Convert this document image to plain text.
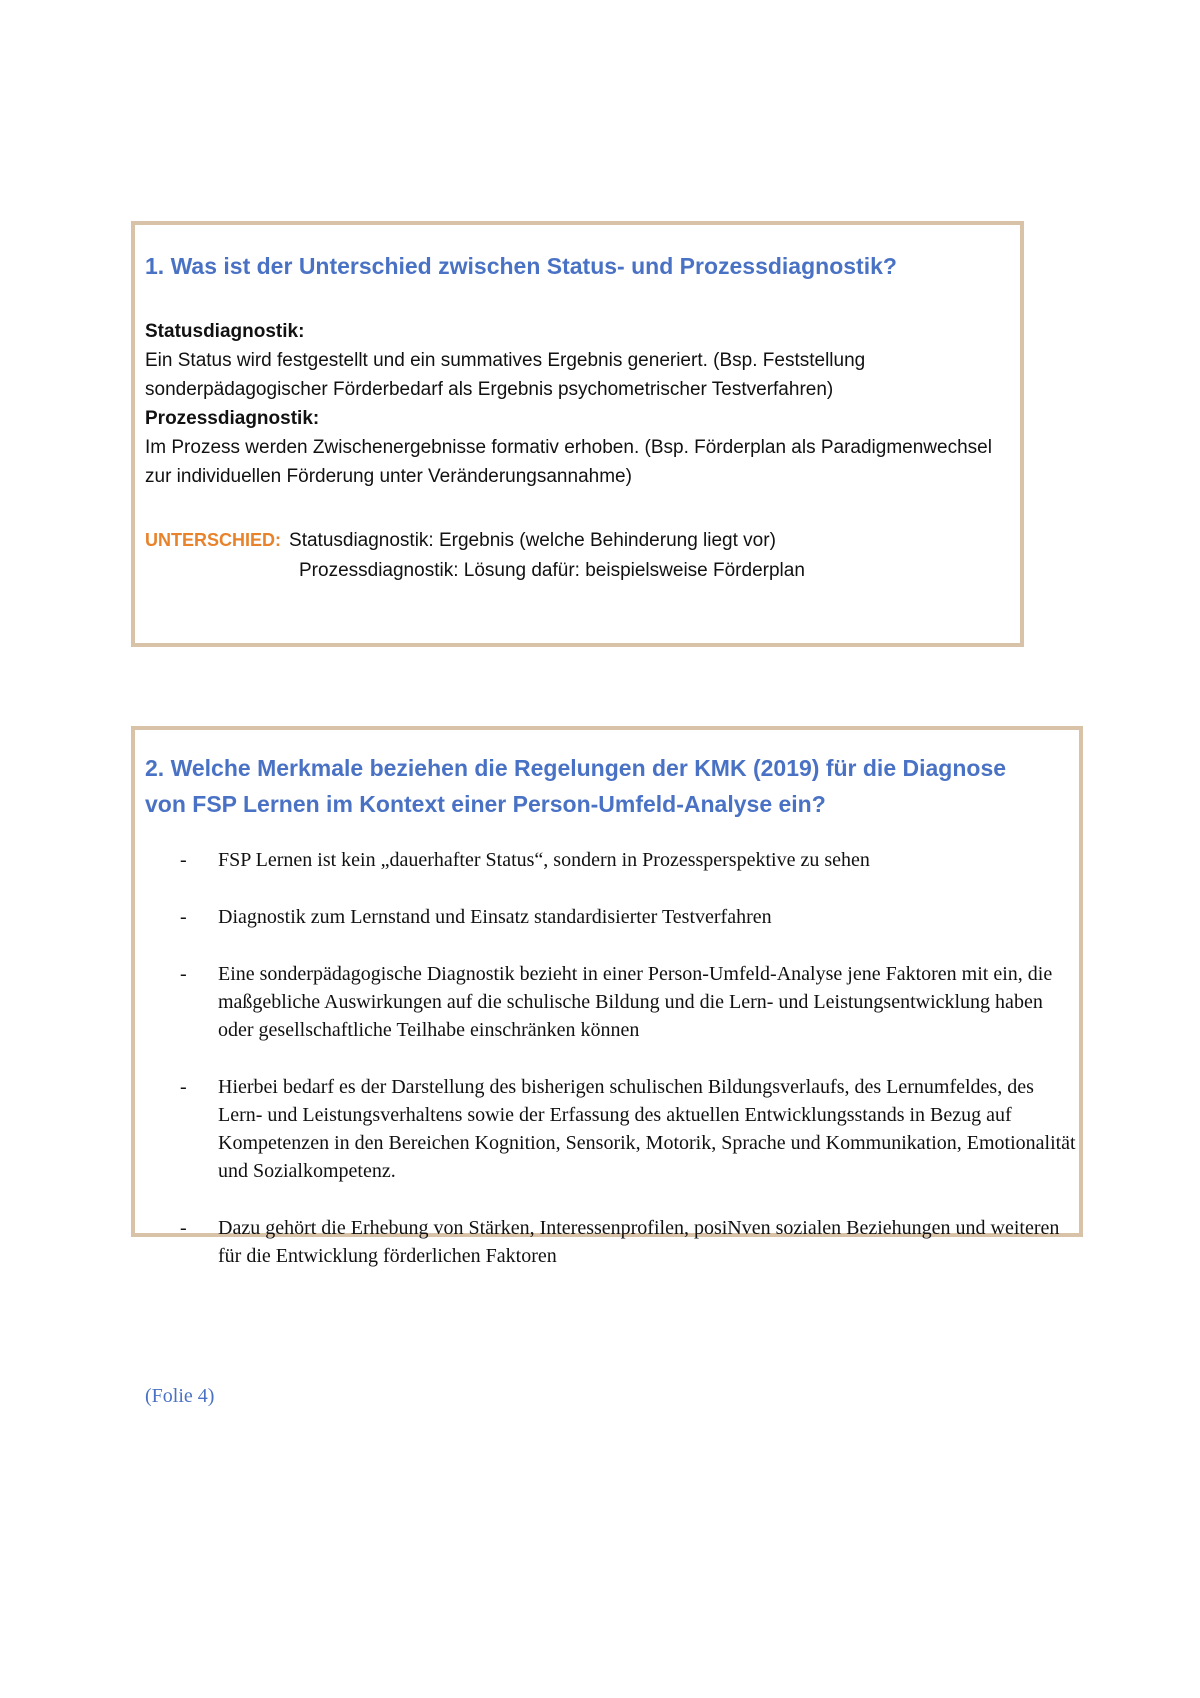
1. Was ist der Unterschied zwischen Status- und Prozessdiagnostik?

Statusdiagnostik:

Ein Status wird festgestellt und ein summatives Ergebnis generiert. (Bsp. Feststellung sonderpädagogischer Förderbedarf als Ergebnis psychometrischer Testverfahren)

Prozessdiagnostik:

Im Prozess werden Zwischenergebnisse formativ erhoben. (Bsp. Förderplan als Paradigmenwechsel zur individuellen Förderung unter Veränderungsannahme)

UNTERSCHIED: Statusdiagnostik: Ergebnis (welche Behinderung liegt vor)

Prozessdiagnostik: Lösung dafür: beispielsweise Förderplan

2. Welche Merkmale beziehen die Regelungen der KMK (2019) für die Diagnose von FSP Lernen im Kontext einer Person-Umfeld-Analyse ein?
- FSP Lernen ist kein „dauerhafter Status“, sondern in Prozessperspektive zu sehen
- Diagnostik zum Lernstand und Einsatz standardisierter Testverfahren
- Eine sonderpädagogische Diagnostik bezieht in einer Person-Umfeld-Analyse jene Faktoren mit ein, die maßgebliche Auswirkungen auf die schulische Bildung und die Lern- und Leistungsentwicklung haben oder gesellschaftliche Teilhabe einschränken können
- Hierbei bedarf es der Darstellung des bisherigen schulischen Bildungsverlaufs, des Lernumfeldes, des Lern- und Leistungsverhaltens sowie der Erfassung des aktuellen Entwicklungsstands in Bezug auf Kompetenzen in den Bereichen Kognition, Sensorik, Motorik, Sprache und Kommunikation, Emotionalität und Sozialkompetenz.
- Dazu gehört die Erhebung von Stärken, Interessenprofilen, posiNven sozialen Beziehungen und weiteren für die Entwicklung förderlichen Faktoren

(Folie 4)
